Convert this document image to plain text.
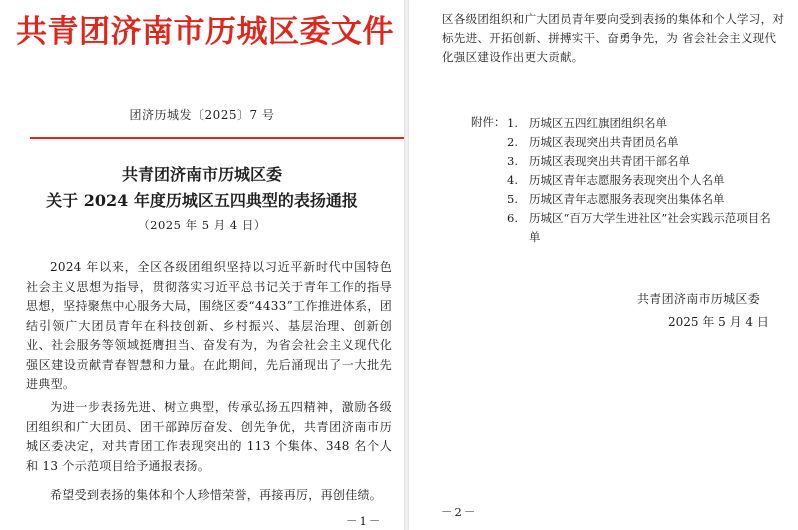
共青团济南市历城区委文件
团济历城发〔2025〕7 号
共青团济南市历城区委
关于 2024 年度历城区五四典型的表扬通报
（2025 年 5 月 4 日）
2024 年以来，全区各级团组织坚持以习近平新时代中国特色社会主义思想为指导，贯彻落实习近平总书记关于青年工作的指导思想，坚持聚焦中心服务大局，围绕区委“4433”工作推进体系，团结引领广大团员青年在科技创新、乡村振兴、基层治理、创新创业、社会服务等领域挺膺担当、奋发有为，为省会社会主义现代化强区建设贡献青春智慧和力量。在此期间，先后涌现出了一大批先进典型。
为进一步表扬先进、树立典型，传承弘扬五四精神，激励各级团组织和广大团员、团干部踔厉奋发、创先争优，共青团济南市历城区委决定，对共青团工作表现突出的 113 个集体、348 名个人和 13 个示范项目给予通报表扬。
希望受到表扬的集体和个人珍惜荣誉，再接再厉，再创佳绩。
－1－
区各级团组织和广大团员青年要向受到表扬的集体和个人学习，对标先进、开拓创新、拼搏实干、奋勇争先，为 省会社会主义现代化强区建设作出更大贡献。
附件： 1. 历城区五四红旗团组织名单
2. 历城区表现突出共青团员名单
3. 历城区表现突出共青团干部名单
4. 历城区青年志愿服务表现突出个人名单
5. 历城区青年志愿服务表现突出集体名单
6. 历城区“百万大学生进社区”社会实践示范项目名单
共青团济南市历城区委
2025 年 5 月 4 日
－2－
